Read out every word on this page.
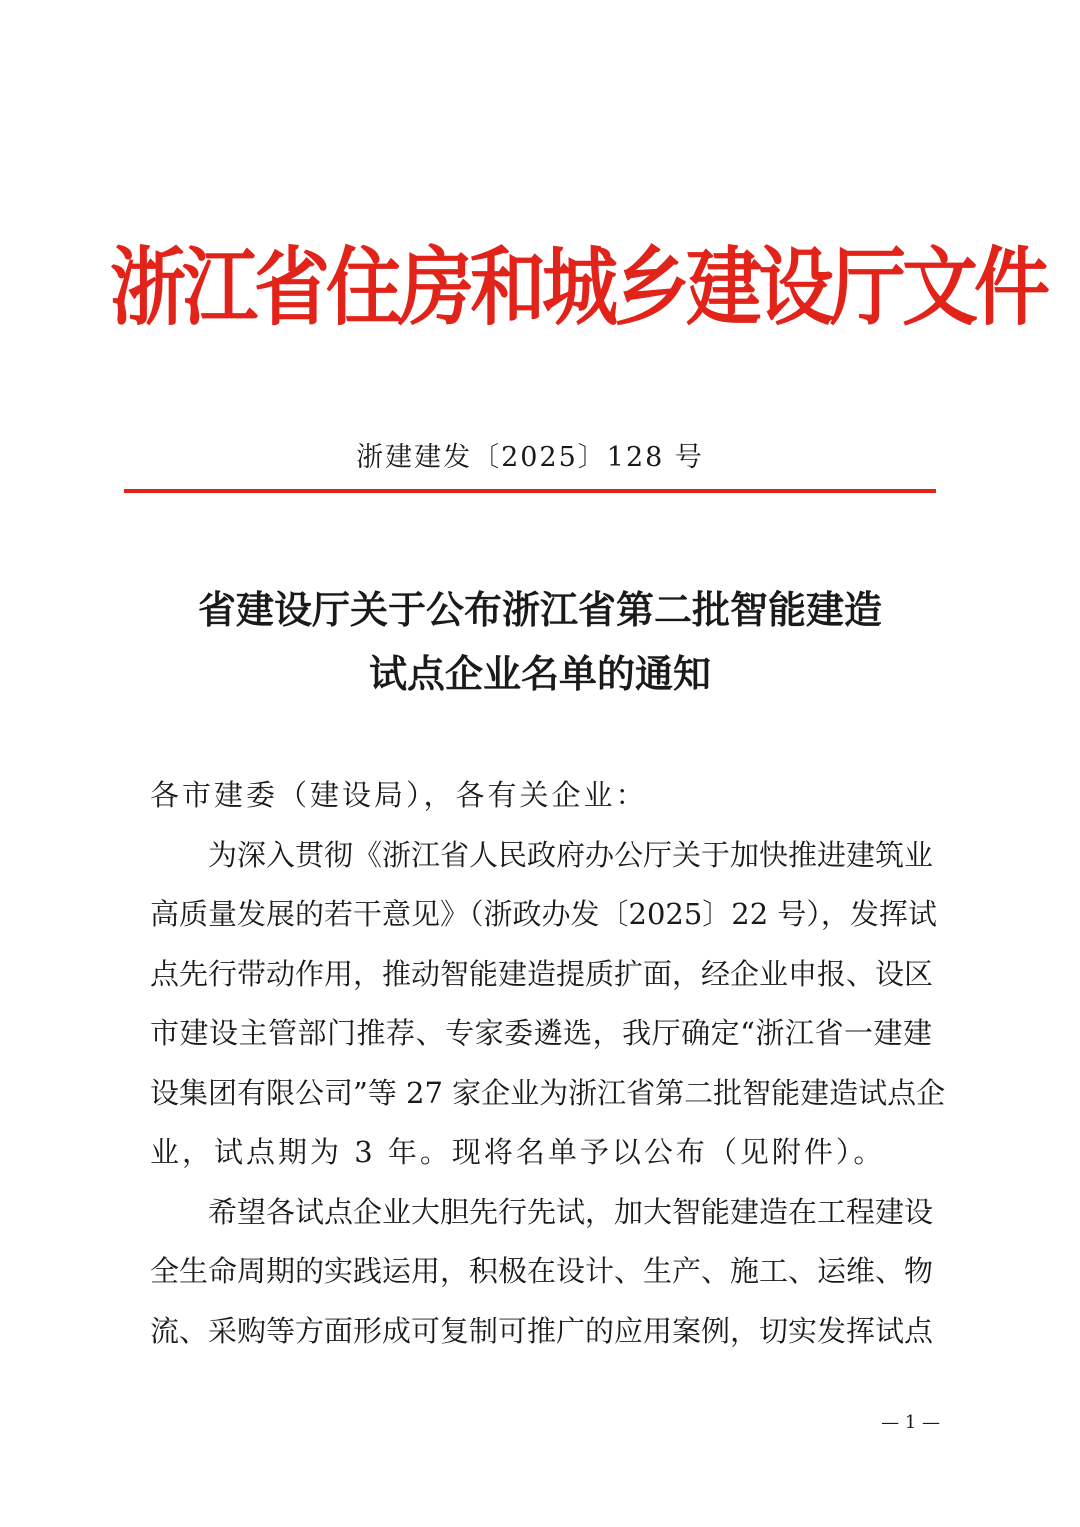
浙江省住房和城乡建设厅文件
浙建建发〔2025〕128 号
省建设厅关于公布浙江省第二批智能建造
试点企业名单的通知
各市建委（建设局），各有关企业：
为深入贯彻《浙江省人民政府办公厅关于加快推进建筑业
高质量发展的若干意见》（浙政办发〔2025〕22 号），发挥试
点先行带动作用，推动智能建造提质扩面，经企业申报、设区
市建设主管部门推荐、专家委遴选，我厅确定“浙江省一建建
设集团有限公司”等 27 家企业为浙江省第二批智能建造试点企
业，试点期为 3 年。现将名单予以公布（见附件）。
希望各试点企业大胆先行先试，加大智能建造在工程建设
全生命周期的实践运用，积极在设计、生产、施工、运维、物
流、采购等方面形成可复制可推广的应用案例，切实发挥试点
— 1 —
